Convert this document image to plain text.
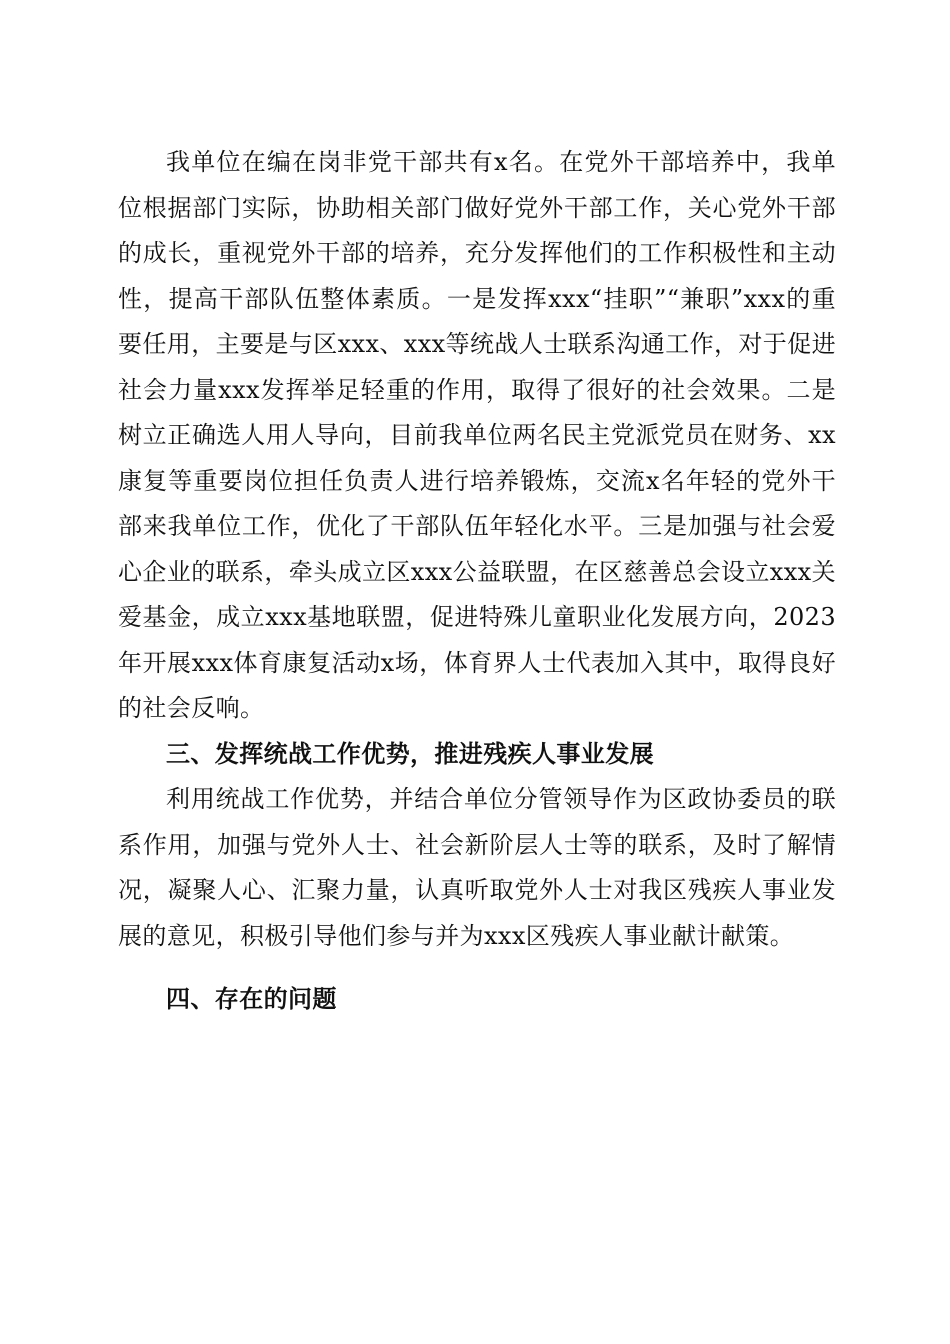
我单位在编在岗非党干部共有x名。在党外干部培养中，我单位根据部门实际，协助相关部门做好党外干部工作，关心党外干部的成长，重视党外干部的培养，充分发挥他们的工作积极性和主动性，提高干部队伍整体素质。一是发挥xxx“挂职”“兼职”xxx的重要任用，主要是与区xxx、xxx等统战人士联系沟通工作，对于促进社会力量xxx发挥举足轻重的作用，取得了很好的社会效果。二是树立正确选人用人导向，目前我单位两名民主党派党员在财务、xx康复等重要岗位担任负责人进行培养锻炼，交流x名年轻的党外干部来我单位工作，优化了干部队伍年轻化水平。三是加强与社会爱心企业的联系，牵头成立区xxx公益联盟，在区慈善总会设立xxx关爱基金，成立xxx基地联盟，促进特殊儿童职业化发展方向，2023年开展xxx体育康复活动x场，体育界人士代表加入其中，取得良好的社会反响。

三、发挥统战工作优势，推进残疾人事业发展

利用统战工作优势，并结合单位分管领导作为区政协委员的联系作用，加强与党外人士、社会新阶层人士等的联系，及时了解情况，凝聚人心、汇聚力量，认真听取党外人士对我区残疾人事业发展的意见，积极引导他们参与并为xxx区残疾人事业献计献策。

四、存在的问题
